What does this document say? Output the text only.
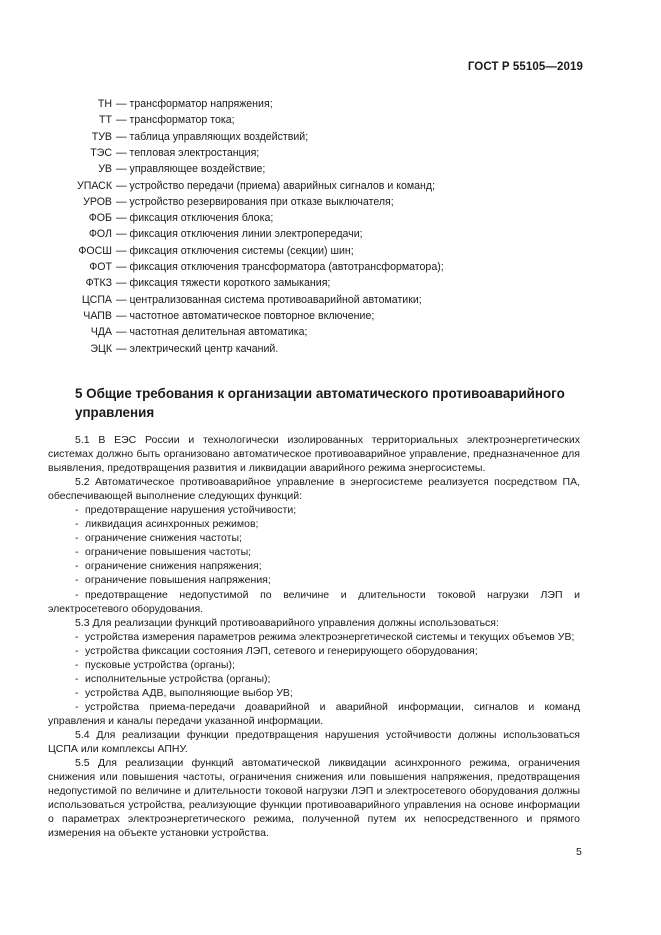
ГОСТ Р 55105—2019
ТН — трансформатор напряжения;
ТТ — трансформатор тока;
ТУВ — таблица управляющих воздействий;
ТЭС — тепловая электростанция;
УВ — управляющее воздействие;
УПАСК — устройство передачи (приема) аварийных сигналов и команд;
УРОВ — устройство резервирования при отказе выключателя;
ФОБ — фиксация отключения блока;
ФОЛ — фиксация отключения линии электропередачи;
ФОСШ — фиксация отключения системы (секции) шин;
ФОТ — фиксация отключения трансформатора (автотрансформатора);
ФТКЗ — фиксация тяжести короткого замыкания;
ЦСПА — централизованная система противоаварийной автоматики;
ЧАПВ — частотное автоматическое повторное включение;
ЧДА — частотная делительная автоматика;
ЭЦК — электрический центр качаний.
5 Общие требования к организации автоматического противоаварийного управления

5.1 В ЕЭС России и технологически изолированных территориальных электроэнергетических системах должно быть организовано автоматическое противоаварийное управление, предназначенное для выявления, предотвращения развития и ликвидации аварийного режима энергосистемы.

5.2 Автоматическое противоаварийное управление в энергосистеме реализуется посредством ПА, обеспечивающей выполнение следующих функций:

- предотвращение нарушения устойчивости;

- ликвидация асинхронных режимов;

- ограничение снижения частоты;

- ограничение повышения частоты;

- ограничение снижения напряжения;

- ограничение повышения напряжения;

- предотвращение недопустимой по величине и длительности токовой нагрузки ЛЭП и электросетевого оборудования.

5.3 Для реализации функций противоаварийного управления должны использоваться:

- устройства измерения параметров режима электроэнергетической системы и текущих объемов УВ;

- устройства фиксации состояния ЛЭП, сетевого и генерирующего оборудования;

- пусковые устройства (органы);

- исполнительные устройства (органы);

- устройства АДВ, выполняющие выбор УВ;

- устройства приема-передачи доаварийной и аварийной информации, сигналов и команд управления и каналы передачи указанной информации.

5.4 Для реализации функции предотвращения нарушения устойчивости должны использоваться ЦСПА или комплексы АПНУ.

5.5 Для реализации функций автоматической ликвидации асинхронного режима, ограничения снижения или повышения частоты, ограничения снижения или повышения напряжения, предотвращения недопустимой по величине и длительности токовой нагрузки ЛЭП и электросетевого оборудования должны использоваться устройства, реализующие функции противоаварийного управления на основе информации о параметрах электроэнергетического режима, полученной путем их непосредственного и прямого измерения на объекте установки устройства.

5
